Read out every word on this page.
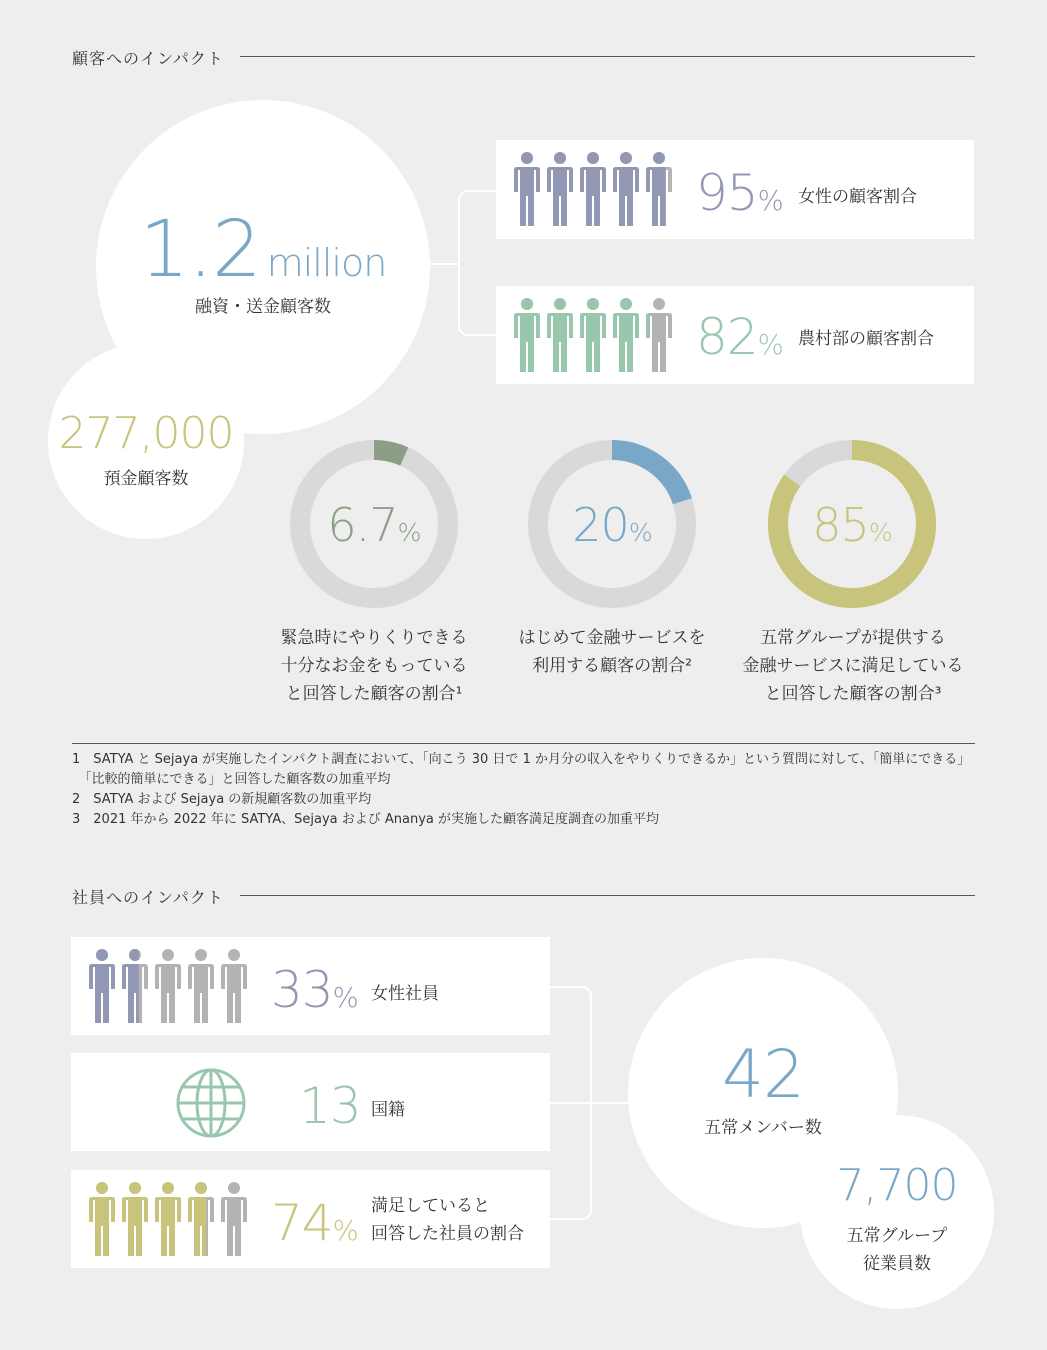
顧客へのインパクト
1.2 million
融資・送金顧客数
277,000
預金顧客数
95% 女性の顧客割合
82% 農村部の顧客割合
6.7%
緊急時にやりくりできる
十分なお金をもっている
と回答した顧客の割合¹
20%
はじめて金融サービスを
利用する顧客の割合²
85%
五常グループが提供する
金融サービスに満足している
と回答した顧客の割合³
1　SATYA と Sejaya が実施したインパクト調査において、「向こう 30 日で 1 か月分の収入をやりくりできるか」という質問に対して、「簡単にできる」
　「比較的簡単にできる」と回答した顧客数の加重平均
2　SATYA および Sejaya の新規顧客数の加重平均
3　2021 年から 2022 年に SATYA、Sejaya および Ananya が実施した顧客満足度調査の加重平均
社員へのインパクト
33% 女性社員
13 国籍
74%
満足していると
回答した社員の割合
42
五常メンバー数
7,700
五常グループ
従業員数
